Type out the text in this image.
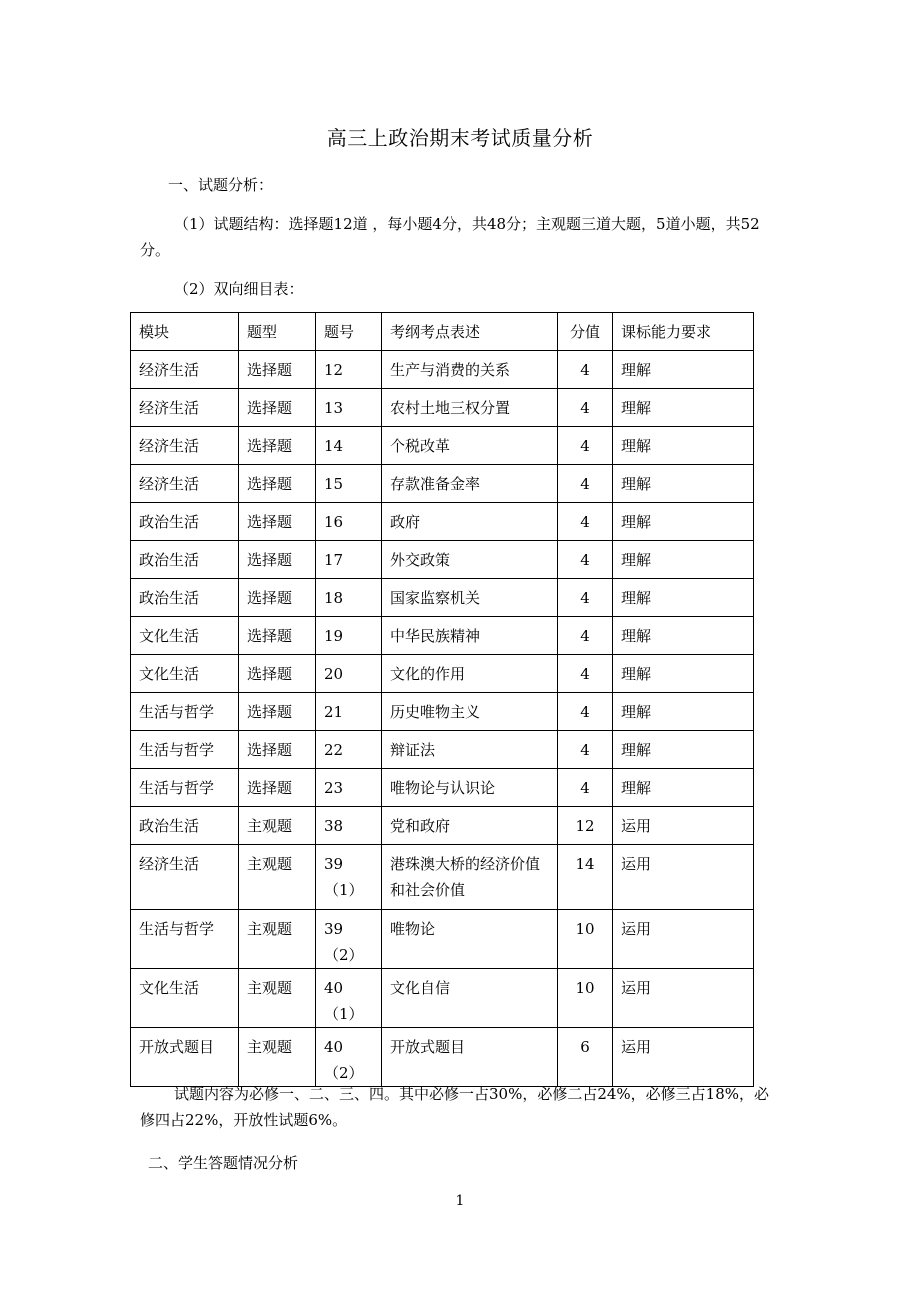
高三上政治期末考试质量分析
一、试题分析：
（1）试题结构：选择题12道 ，每小题4分，共48分；主观题三道大题，5道小题，共52
分。
（2）双向细目表：
模块	题型	题号	考纲考点表述	分值	课标能力要求
经济生活	选择题	12	生产与消费的关系	4	理解
经济生活	选择题	13	农村土地三权分置	4	理解
经济生活	选择题	14	个税改革	4	理解
经济生活	选择题	15	存款准备金率	4	理解
政治生活	选择题	16	政府	4	理解
政治生活	选择题	17	外交政策	4	理解
政治生活	选择题	18	国家监察机关	4	理解
文化生活	选择题	19	中华民族精神	4	理解
文化生活	选择题	20	文化的作用	4	理解
生活与哲学	选择题	21	历史唯物主义	4	理解
生活与哲学	选择题	22	辩证法	4	理解
生活与哲学	选择题	23	唯物论与认识论	4	理解
政治生活	主观题	38	党和政府	12	运用
经济生活	主观题	39（1）	港珠澳大桥的经济价值和社会价值	14	运用
生活与哲学	主观题	39（2）	唯物论	10	运用
文化生活	主观题	40（1）	文化自信	10	运用
开放式题目	主观题	40（2）	开放式题目	6	运用
试题内容为必修一、二、三、四。其中必修一占30%，必修二占24%，必修三占18%，必
修四占22%，开放性试题6%。
二、学生答题情况分析
1
